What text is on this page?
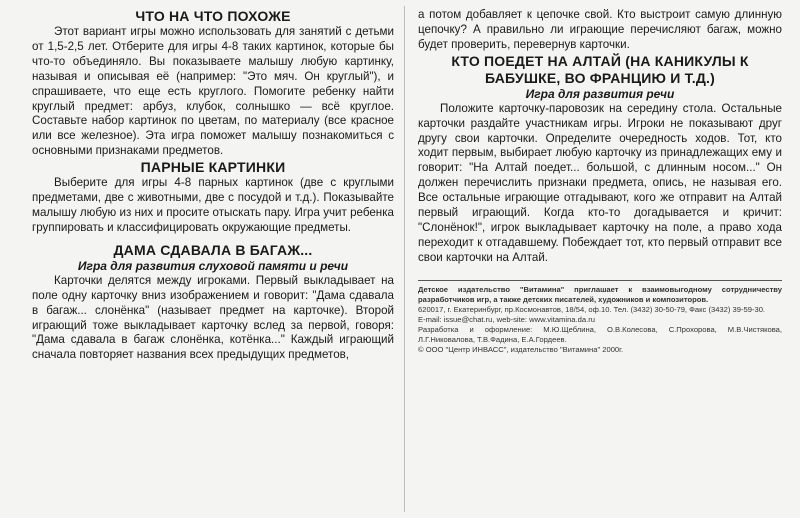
ЧТО НА ЧТО ПОХОЖЕ

Этот вариант игры можно использовать для занятий с детьми от 1,5-2,5 лет. Отберите для игры 4-8 таких картинок, которые бы что-то объединяло. Вы показываете малышу любую картинку, называя и описывая её (например: "Это мяч. Он круглый"), и спрашиваете, что еще есть круглого. Помогите ребенку найти круглый предмет: арбуз, клубок, солнышко — всё круглое. Составьте набор картинок по цветам, по материалу (все красное или все железное). Эта игра поможет малышу познакомиться с основными признаками предметов.

ПАРНЫЕ КАРТИНКИ

Выберите для игры 4-8 парных картинок (две с круглыми предметами, две с животными, две с посудой и т.д.). Показывайте малышу любую из них и просите отыскать пару. Игра учит ребенка группировать и классифицировать окружающие предметы.

ДАМА СДАВАЛА В БАГАЖ...
Игра для развития слуховой памяти и речи

Карточки делятся между игроками. Первый выкладывает на поле одну карточку вниз изображением и говорит: "Дама сдавала в багаж... слонёнка" (называет предмет на карточке). Второй играющий тоже выкладывает карточку вслед за первой, говоря: "Дама сдавала в багаж слонёнка, котёнка..." Каждый играющий сначала повторяет названия всех предыдущих предметов,

а потом добавляет к цепочке свой. Кто выстроит самую длинную цепочку? А правильно ли играющие перечисляют багаж, можно будет проверить, перевернув карточки.

КТО ПОЕДЕТ НА АЛТАЙ (НА КАНИКУЛЫ К БАБУШКЕ, ВО ФРАНЦИЮ И Т.Д.)
Игра для развития речи

Положите карточку-паровозик на середину стола. Остальные карточки раздайте участникам игры. Игроки не показывают друг другу свои карточки. Определите очередность ходов. Тот, кто ходит первым, выбирает любую карточку из принадлежащих ему и говорит: "На Алтай поедет... большой, с длинным носом..." Он должен перечислить признаки предмета, опись, не называя его. Все остальные играющие отгадывают, кого же отправит на Алтай первый играющий. Когда кто-то догадывается и кричит: "Слонёнок!", игрок выкладывает карточку на поле, а право хода переходит к отгадавшему. Побеждает тот, кто первый отправит все свои карточки на Алтай.

Детское издательство "Витамина" приглашает к взаимовыгодному сотрудничеству разработчиков игр, а также детских писателей, художников и композиторов.

620017, г. Екатеринбург, пр.Космонавтов, 18/54, оф.10. Тел. (3432) 30-50-79, Факс (3432) 39-59-30.

E-mail: issue@chat.ru, web-site: www.vitamina.da.ru

Разработка и оформление: М.Ю.Щеблина, О.В.Колесова, С.Прохорова, М.В.Чистякова, Л.Г.Никовалова, Т.В.Фадина, Е.А.Гордеев.

© ООО "Центр ИНВАСС", издательство "Витамина" 2000г.
